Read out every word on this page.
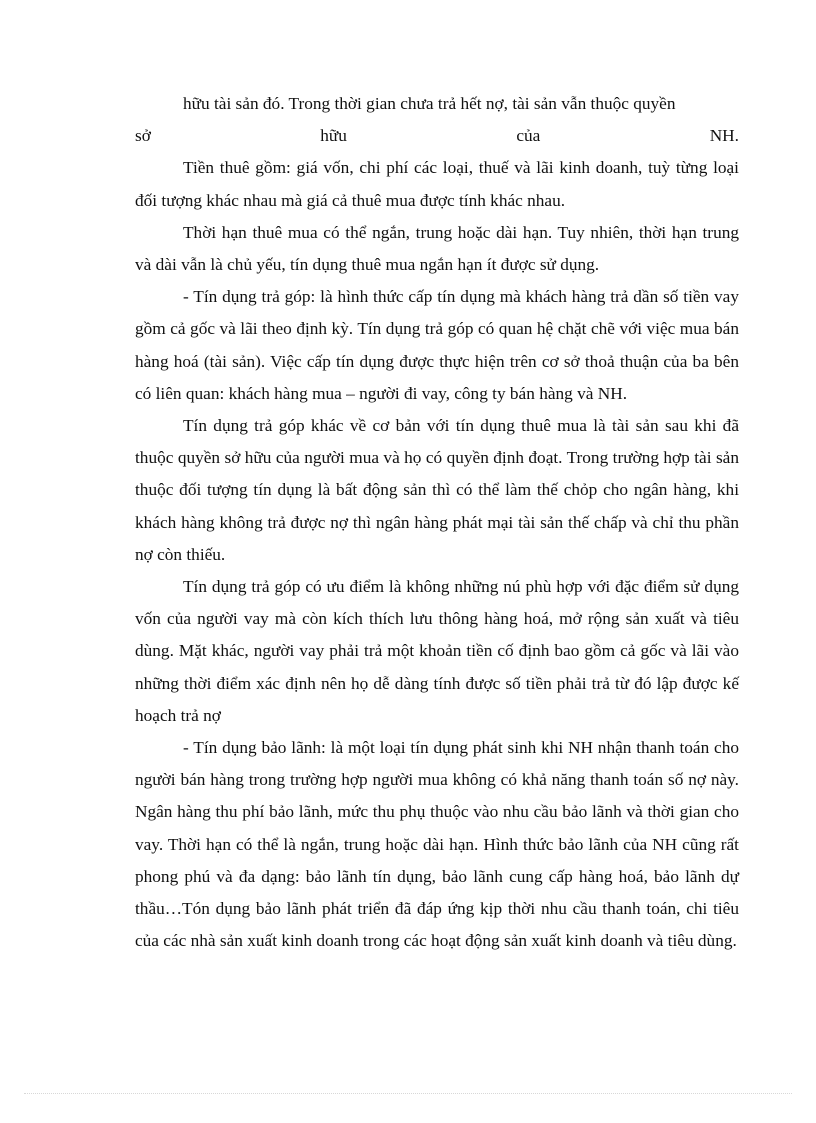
hữu tài sản đó. Trong thời gian chưa trả hết nợ, tài sản vẫn thuộc quyền

sở	hữu	của	NH.

Tiền thuê gồm: giá vốn, chi phí các loại, thuế và lãi kinh doanh, tuỳ từng loại đối tượng khác nhau mà giá cả thuê mua được tính khác nhau.

Thời hạn thuê mua có thể ngắn, trung hoặc dài hạn. Tuy nhiên, thời hạn trung và dài vẫn là chủ yếu, tín dụng thuê mua ngắn hạn ít được sử dụng.

- Tín dụng trả góp: là hình thức cấp tín dụng mà khách hàng trả dần số tiền vay gồm cả gốc và lãi theo định kỳ. Tín dụng trả góp có quan hệ chặt chẽ với việc mua bán hàng hoá (tài sản). Việc cấp tín dụng được thực hiện trên cơ sở thoả thuận của ba bên có liên quan: khách hàng mua – người đi vay, công ty bán hàng và NH.

Tín dụng trả góp khác về cơ bản với tín dụng thuê mua là tài sản sau khi đã thuộc quyền sở hữu của người mua và họ có quyền định đoạt. Trong trường hợp tài sản thuộc đối tượng tín dụng là bất động sản thì có thể làm thế chỏp cho ngân hàng, khi khách hàng không trả được nợ thì ngân hàng phát mại tài sản thế chấp và chỉ thu phần nợ còn thiếu.

Tín dụng trả góp có ưu điểm là không những nú phù hợp với đặc điểm sử dụng vốn của người vay mà còn kích thích lưu thông hàng hoá, mở rộng sản xuất và tiêu dùng. Mặt khác, người vay phải trả một khoản tiền cố định bao gồm cả gốc và lãi vào những thời điểm xác định nên họ dễ dàng tính được số tiền phải trả từ đó lập được kế hoạch trả nợ

- Tín dụng bảo lãnh: là một loại tín dụng phát sinh khi NH nhận thanh toán cho người bán hàng trong trường hợp người mua không có khả năng thanh toán số nợ này. Ngân hàng thu phí bảo lãnh, mức thu phụ thuộc vào nhu cầu bảo lãnh và thời gian cho vay. Thời hạn có thể là ngắn, trung hoặc dài hạn. Hình thức bảo lãnh của NH cũng rất phong phú và đa dạng: bảo lãnh tín dụng, bảo lãnh cung cấp hàng hoá, bảo lãnh dự thầu…Tón dụng bảo lãnh phát triển đã đáp ứng kịp thời nhu cầu thanh toán, chi tiêu của các nhà sản xuất kinh doanh trong các hoạt động sản xuất kinh doanh và tiêu dùng.
